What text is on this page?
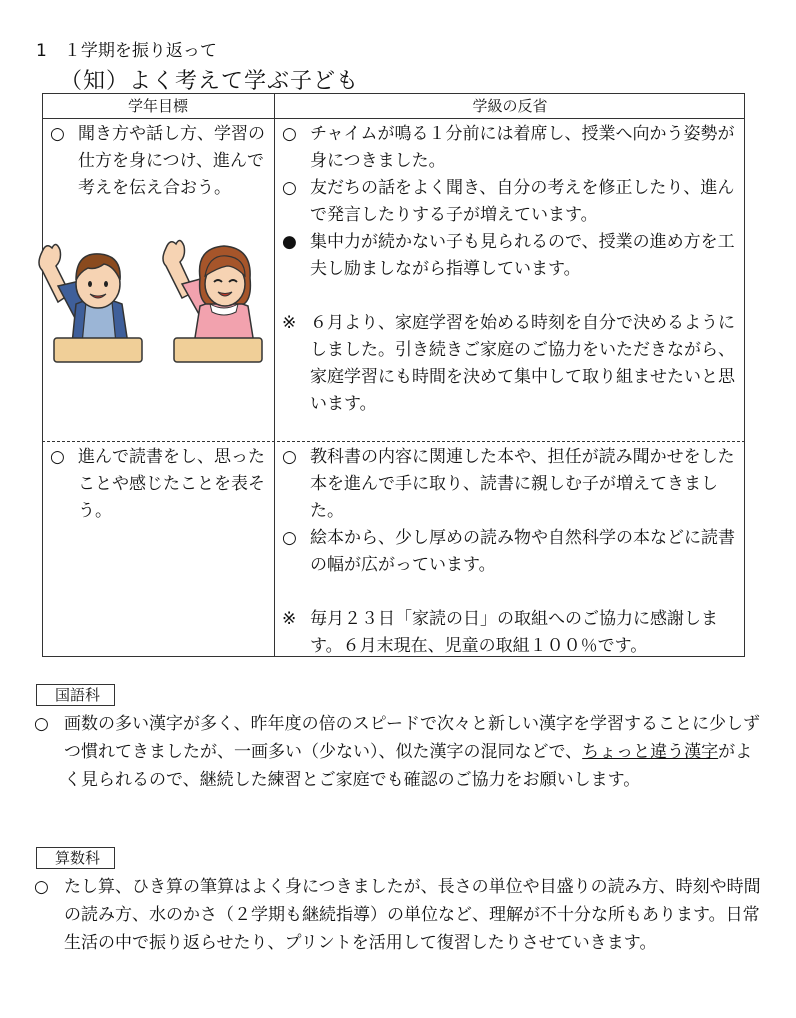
1　１学期を振り返って
（知）よく考えて学ぶ子ども
学年目標	学級の反省
○ 聞き方や話し方、学習の仕方を身につけ、進んで考えを伝え合おう。
○ チャイムが鳴る１分前には着席し、授業へ向かう姿勢が身につきました。
○ 友だちの話をよく聞き、自分の考えを修正したり、進んで発言したりする子が増えています。
● 集中力が続かない子も見られるので、授業の進め方を工夫し励ましながら指導しています。
※ ６月より、家庭学習を始める時刻を自分で決めるようにしました。引き続きご家庭のご協力をいただきながら、家庭学習にも時間を決めて集中して取り組ませたいと思います。
○ 進んで読書をし、思ったことや感じたことを表そう。
○ 教科書の内容に関連した本や、担任が読み聞かせをした本を進んで手に取り、読書に親しむ子が増えてきました。
○ 絵本から、少し厚めの読み物や自然科学の本などに読書の幅が広がっています。
※ 毎月２３日「家読の日」の取組へのご協力に感謝します。６月末現在、児童の取組１００％です。
国語科
○ 画数の多い漢字が多く、昨年度の倍のスピードで次々と新しい漢字を学習することに少しずつ慣れてきましたが、一画多い（少ない）、似た漢字の混同などで、ちょっと違う漢字がよく見られるので、継続した練習とご家庭でも確認のご協力をお願いします。
算数科
○ たし算、ひき算の筆算はよく身につきましたが、長さの単位や目盛りの読み方、時刻や時間の読み方、水のかさ（２学期も継続指導）の単位など、理解が不十分な所もあります。日常生活の中で振り返らせたり、プリントを活用して復習したりさせていきます。
